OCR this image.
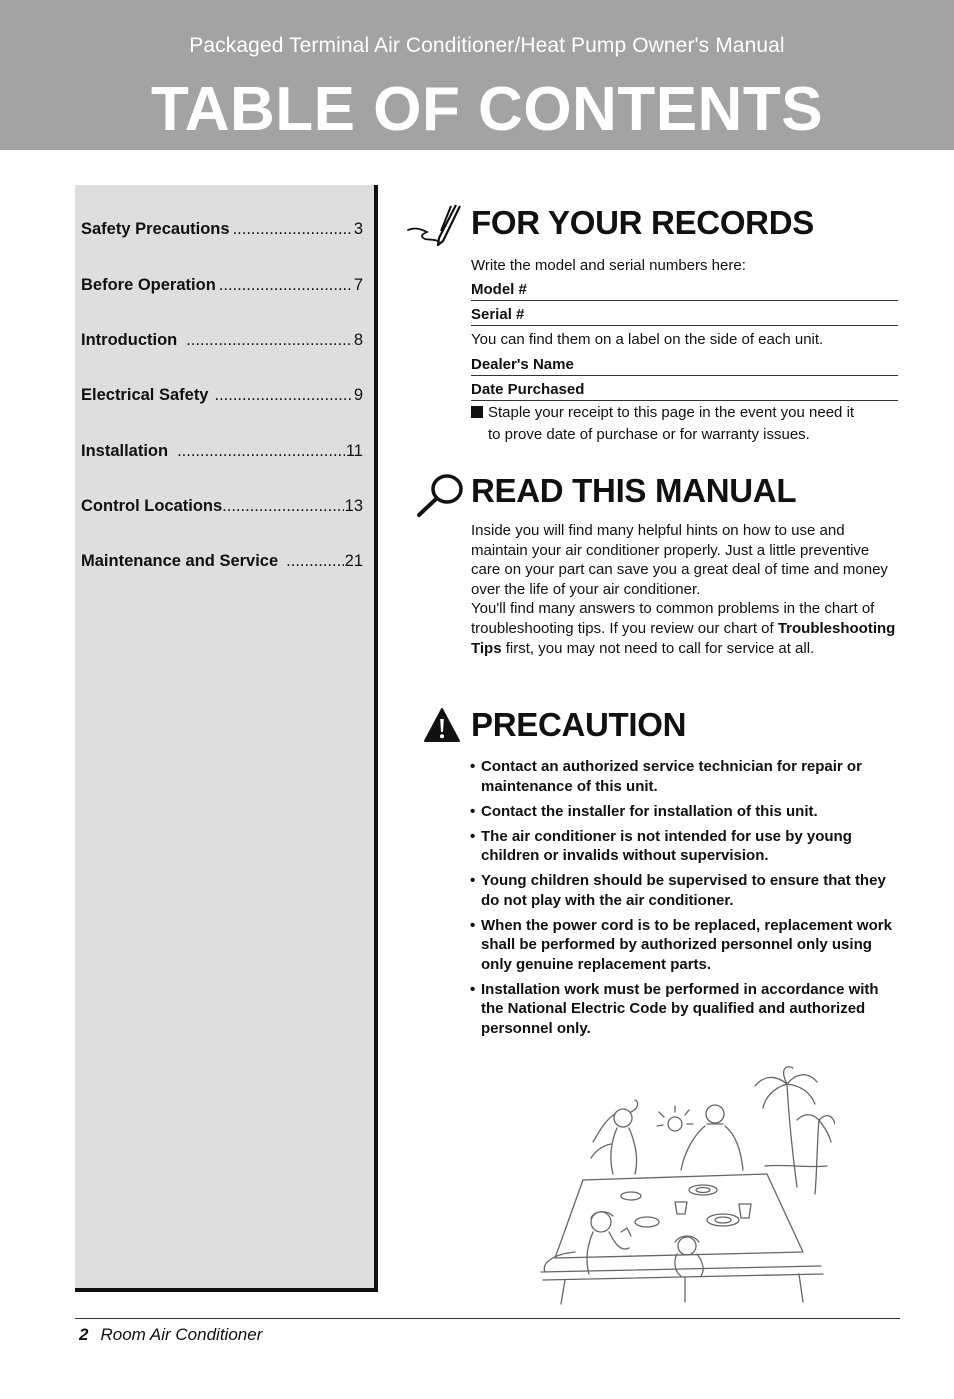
Packaged Terminal Air Conditioner/Heat Pump Owner's Manual
TABLE OF CONTENTS
Safety Precautions .....	3
Before Operation .....	7
Introduction .....	8
Electrical Safety .....	9
Installation .....	11
Control Locations .....	13
Maintenance and Service .....	21
FOR YOUR RECORDS
Write the model and serial numbers here:
Model #
Serial #
You can find them on a label on the side of each unit.
Dealer's Name
Date Purchased
Staple your receipt to this page in the event you need it
to prove date of purchase or for warranty issues.
READ THIS MANUAL

Inside you will find many helpful hints on how to use and maintain your air conditioner properly. Just a little preventive care on your part can save you a great deal of time and money over the life of your air conditioner.

You'll find many answers to common problems in the chart of troubleshooting tips. If you review our chart of Troubleshooting Tips first, you may not need to call for service at all.

PRECAUTION
• Contact an authorized service technician for repair or maintenance of this unit.
• Contact the installer for installation of this unit.
• The air conditioner is not intended for use by young children or invalids without supervision.
• Young children should be supervised to ensure that they do not play with the air conditioner.
• When the power cord is to be replaced, replacement work shall be performed by authorized personnel only using only genuine replacement parts.
• Installation work must be performed in accordance with the National Electric Code by qualified and authorized personnel only.
2 Room Air Conditioner
